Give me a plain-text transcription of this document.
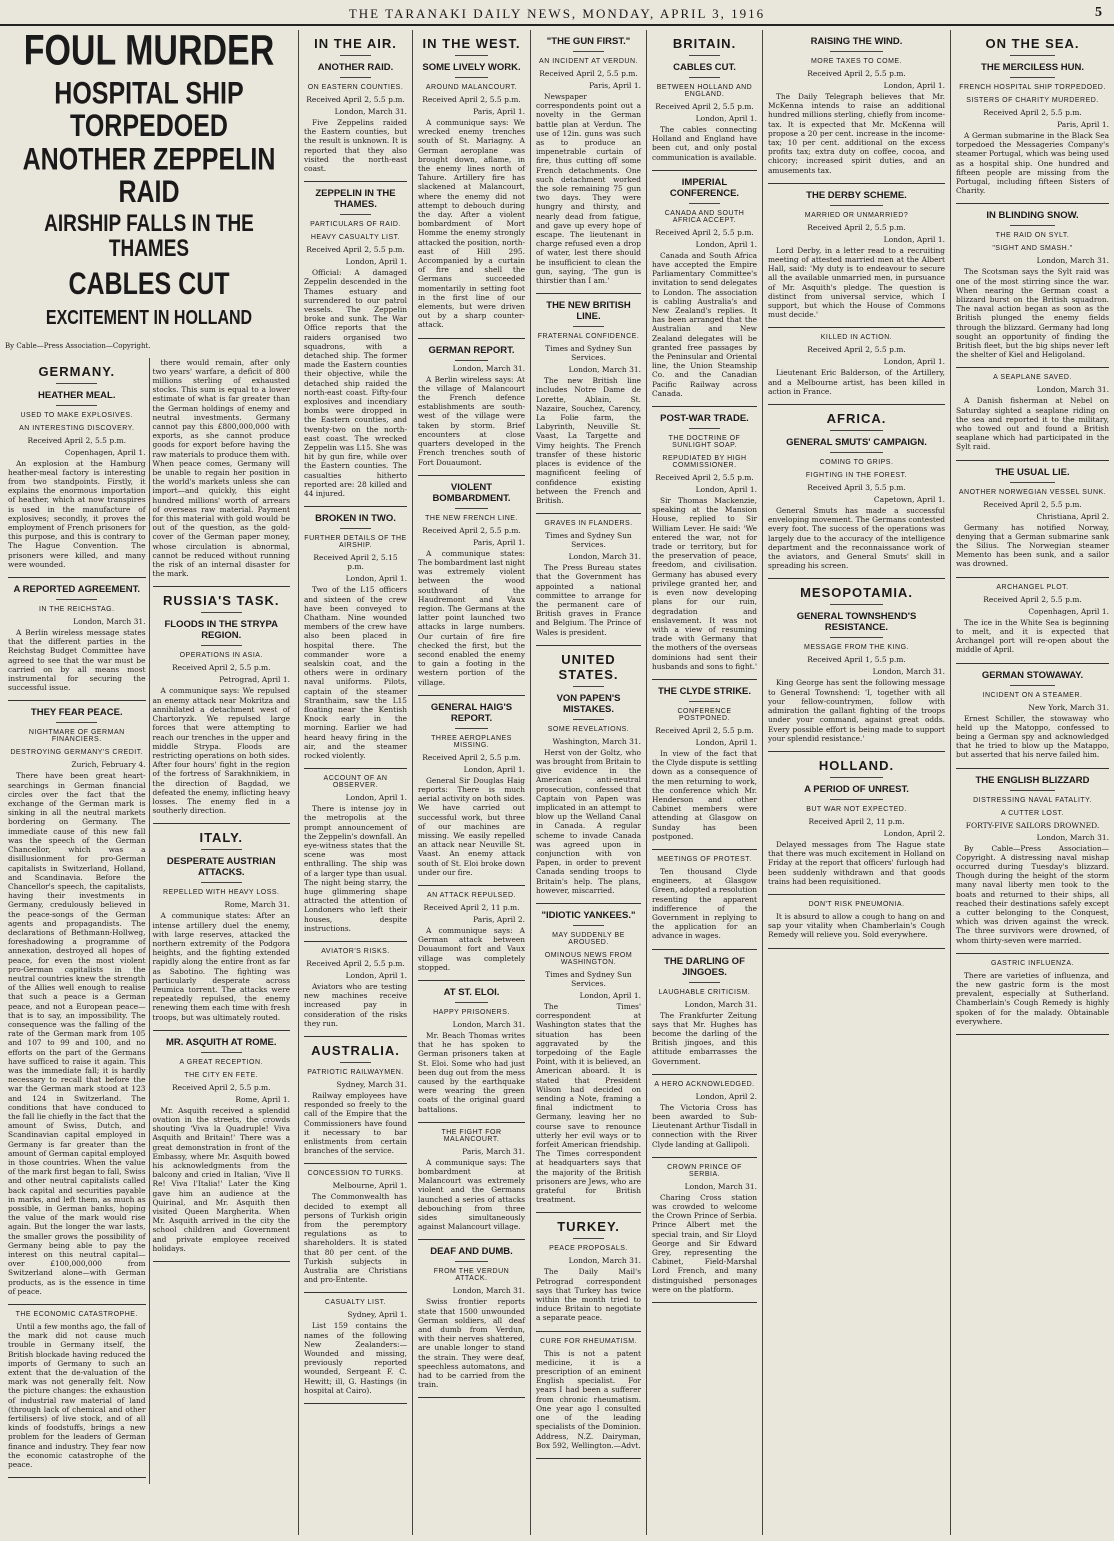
THE TARANAKI DAILY NEWS, MONDAY, APRIL 3, 1916	5
FOUL MURDER
HOSPITAL SHIP TORPEDOED
ANOTHER ZEPPELIN RAID
AIRSHIP FALLS IN THE THAMES
CABLES CUT
EXCITEMENT IN HOLLAND
By Cable—Press Association—Copyright.
GERMANY.
HEATHER MEAL.
USED TO MAKE EXPLOSIVES.
AN INTERESTING DISCOVERY.
Received April 2, 5.5 p.m.
Copenhagen, April 1.

An explosion at the Hamburg heather-meal factory is interesting from two standpoints. Firstly, it explains the enormous importation of heather, which at now transpires is used in the manufacture of explosives; secondly, it proves the employment of French prisoners for this purpose, and this is contrary to The Hague Convention. The prisoners were killed, and many were wounded.

A REPORTED AGREEMENT.
IN THE REICHSTAG.
London, March 31.

A Berlin wireless message states that the different parties in the Reichstag Budget Committee have agreed to see that the war must be carried on by all means most instrumental for securing the successful issue.

THEY FEAR PEACE.
NIGHTMARE OF GERMAN FINANCIERS.
DESTROYING GERMANY'S CREDIT.
Zurich, February 4.

There have been great heart-searchings in German financial circles over the fact that the exchange of the German mark is sinking in all the neutral markets bordering on Germany. The immediate cause of this new fall was the speech of the German Chancellor, which was a disillusionment for pro-German capitalists in Switzerland, Holland, and Scandinavia. Before the Chancellor's speech, the capitalists, having their investments in Germany, credulously believed in the peace-songs of the German agents and propagandists. The declarations of Bethmann-Hollweg, foreshadowing a programme of annexation, destroyed all hopes of peace, for even the most violent pro-German capitalists in the neutral countries knew the strength of the Allies well enough to realise that such a peace is a German peace, and not a European peace—that is to say, an impossibility. The consequence was the falling of the rate of the German mark from 105 and 107 to 99 and 100, and no efforts on the part of the Germans have sufficed to raise it again. This was the immediate fall; it is hardly necessary to recall that before the war the German mark stood at 123 and 124 in Switzerland. The conditions that have conduced to the fall lie chiefly in the fact that the amount of Swiss, Dutch, and Scandinavian capital employed in Germany is far greater than the amount of German capital employed in those countries. When the value of the mark first began to fall, Swiss and other neutral capitalists called back capital and securities payable in marks, and left them, as much as possible, in German banks, hoping the value of the mark would rise again. But the longer the war lasts, the smaller grows the possibility of Germany being able to pay the interest on this neutral capital—over £100,000,000 from Switzerland alone—with German products, as is the essence in time of peace.

THE ECONOMIC CATASTROPHE.

Until a few months ago, the fall of the mark did not cause much trouble in Germany itself, the British blockade having reduced the imports of Germany to such an extent that the de-valuation of the mark was not generally felt. Now the picture changes: the exhaustion of industrial raw material of land (through lack of chemical and other fertilisers) of live stock, and of all kinds of foodstuffs, brings a new problem for the leaders of German finance and industry. They fear now the economic catastrophe of the peace.

there would remain, after only two years' warfare, a deficit of 800 millions sterling of exhausted stocks. This sum is equal to a lower estimate of what is far greater than the German holdings of enemy and neutral investments. Germany cannot pay this £800,000,000 with exports, as she cannot produce goods for export before having the raw materials to produce them with. When peace comes, Germany will be unable to regain her position in the world's markets unless she can import—and quickly, this eight hundred millions' worth of arrears of overseas raw material. Payment for this material with gold would be out of the question, as the gold-cover of the German paper money, whose circulation is abnormal, cannot be reduced without running the risk of an internal disaster for the mark.

RUSSIA'S TASK.
FLOODS IN THE STRYPA REGION.
OPERATIONS IN ASIA.
Received April 2, 5.5 p.m.
Petrograd, April 1.

A communique says: We repulsed an enemy attack near Mokritza and annihilated a detachment west of Chartoryzk. We repulsed large forces that were attempting to reach our trenches in the upper and middle Strypa. Floods are restricting operations on both sides. After four hours' fight in the region of the fortress of Sarakhnikiem, in the direction of Bagdad, we defeated the enemy, inflicting heavy losses. The enemy fled in a southerly direction.

ITALY.
DESPERATE AUSTRIAN ATTACKS.
REPELLED WITH HEAVY LOSS.
Rome, March 31.

A communique states: After an intense artillery duel the enemy, with large reserves, attacked the northern extremity of the Podgora heights, and the fighting extended rapidly along the entire front as far as Sabotino. The fighting was particularly desperate across Peumica torrent. The attacks were repeatedly repulsed, the enemy renewing them each time with fresh troops, but was ultimately routed.

MR. ASQUITH AT ROME.
A GREAT RECEPTION.
THE CITY EN FETE.
Received April 2, 5.5 p.m.
Rome, April 1.

Mr. Asquith received a splendid ovation in the streets, the crowds shouting 'Viva la Quadruple! Viva Asquith and Britain!' There was a great demonstration in front of the Embassy, where Mr. Asquith bowed his acknowledgments from the balcony and cried in Italian, 'Vive Il Re! Viva l'Italia!' Later the King gave him an audience at the Quirinal, and Mr. Asquith then visited Queen Margherita. When Mr. Asquith arrived in the city the school children and Government and private employee received holidays.

IN THE AIR.
ANOTHER RAID.
ON EASTERN COUNTIES.
Received April 2, 5.5 p.m.
London, March 31.

Five Zeppelins raided the Eastern counties, but the result is unknown. It is reported that they also visited the north-east coast.

ZEPPELIN IN THE THAMES.
PARTICULARS OF RAID.
HEAVY CASUALTY LIST.
Received April 2, 5.5 p.m.
London, April 1.

Official: A damaged Zeppelin descended in the Thames estuary and surrendered to our patrol vessels. The Zeppelin broke and sunk. The War Office reports that the raiders organised two squadrons, with a detached ship. The former made the Eastern counties their objective, while the detached ship raided the north-east coast. Fifty-four explosives and incendiary bombs were dropped in the Eastern counties, and twenty-two on the north-east coast. The wrecked Zeppelin was L15. She was hit by gun fire, while over the Eastern counties. The casualties hitherto reported are: 28 killed and 44 injured.

BROKEN IN TWO.
FURTHER DETAILS OF THE AIRSHIP.
Received April 2, 5.15 p.m.
London, April 1.

Two of the L15 officers and sixteen of the crew have been conveyed to Chatham. Nine wounded members of the crew have also been placed in hospital there. The commander wore a sealskin coat, and the others were in ordinary naval uniforms. Pilots, captain of the steamer Stranthaim, saw the L15 floating near the Kentish Knock early in the morning. Earlier we had heard heavy firing in the air, and the steamer rocked violently.

ACCOUNT OF AN OBSERVER.
London, April 1.

There is intense joy in the metropolis at the prompt announcement of the Zeppelin's downfall. An eye-witness states that the scene was most enthralling. The ship was of a larger type than usual. The night being starry, the huge glimmering shape attracted the attention of Londoners who left their houses, despite instructions.

AVIATOR'S RISKS.
Received April 2, 5.5 p.m.
London, April 1.

Aviators who are testing new machines receive increased pay in consideration of the risks they run.

AUSTRALIA.
PATRIOTIC RAILWAYMEN.
Sydney, March 31.

Railway employees have responded so freely to the call of the Empire that the Commissioners have found it necessary to bar enlistments from certain branches of the service.

CONCESSION TO TURKS.
Melbourne, April 1.

The Commonwealth has decided to exempt all persons of Turkish origin from the peremptory regulations as to shareholders. It is stated that 80 per cent. of the Turkish subjects in Australia are Christians and pro-Entente.

CASUALTY LIST.
Sydney, April 1.

List 159 contains the names of the following New Zealanders:—Wounded and missing, previously reported wounded, Sergeant F. C. Hewitt; ill, G. Hastings (in hospital at Cairo).

IN THE WEST.
SOME LIVELY WORK.
AROUND MALANCOURT.
Received April 2, 5.5 p.m.
Paris, April 1.

A communique says: We wrecked enemy trenches south of St. Mariagny. A German aeroplane was brought down, aflame, in the enemy lines north of Tahure. Artillery fire has slackened at Malancourt, where the enemy did not attempt to debouch during the day. After a violent bombardment of Mort Homme the enemy strongly attacked the position, north-east of Hill 295. Accompanied by a curtain of fire and shell the Germans succeeded momentarily in setting foot in the first line of our elements, but were driven out by a sharp counter-attack.

GERMAN REPORT.
London, March 31.

A Berlin wireless says: At the village of Malancourt the French defence establishments are south-west of the village were taken by storm. Brief encounters at close quarters developed in the French trenches south of Fort Douaumont.

VIOLENT BOMBARDMENT.
THE NEW FRENCH LINE.
Received April 2, 5.5 p.m.
Paris, April 1.

A communique states: The bombardment last night was extremely violent between the wood southward of the Haudremont and Vaux region. The Germans at the latter point launched two attacks in large numbers. Our curtain of fire fire checked the first, but the second enabled the enemy to gain a footing in the western portion of the village.

GENERAL HAIG'S REPORT.
THREE AEROPLANES MISSING.
Received April 2, 5.5 p.m.
London, April 1.

General Sir Douglas Haig reports: There is much aerial activity on both sides. We have carried out successful work, but three of our machines are missing. We easily repelled an attack near Neuville St. Vaast. An enemy attack south of St. Eloi broke down under our fire.

AN ATTACK REPULSED.
Received April 2, 11 p.m.
Paris, April 2.

A communique says: A German attack between Douaumont fort and Vaux village was completely stopped.

AT ST. ELOI.
HAPPY PRISONERS.
London, March 31.

Mr. Beach Thomas writes that he has spoken to German prisoners taken at St. Eloi. Some who had just been dug out from the mess caused by the earthquake were wearing the green coats of the original guard battalions.

THE FIGHT FOR MALANCOURT.
Paris, March 31.

A communique says: The bombardment at Malancourt was extremely violent and the Germans launched a series of attacks debouching from three sides simultaneously against Malancourt village.

DEAF AND DUMB.
FROM THE VERDUN ATTACK.
London, March 31.

Swiss frontier reports state that 1500 unwounded German soldiers, all deaf and dumb from Verdun, with their nerves shattered, are unable longer to stand the strain. They were deaf, speechless automatons, and had to be carried from the train.

"THE GUN FIRST."
AN INCIDENT AT VERDUN.
Received April 2, 5.5 p.m.
Paris, April 1.

Newspaper correspondents point out a novelty in the German battle plan at Verdun. The use of 12in. guns was such as to produce an impenetrable curtain of fire, thus cutting off some French detachments. One such detachment worked the sole remaining 75 gun two days. They were hungry and thirsty, and nearly dead from fatigue, and gave up every hope of escape. The lieutenant in charge refused even a drop of water, lest there should be insufficient to clean the gun, saying, 'The gun is thirstier than I am.'

THE NEW BRITISH LINE.
FRATERNAL CONFIDENCE.
Times and Sydney Sun Services.
London, March 31.

The new British line includes Notre Dame de Lorette, Ablain, St. Nazaire, Souchez, Carency, La Folie farm, the Labyrinth, Neuville St. Vaast, La Targette and Vimy heights. The French transfer of these historic places is evidence of the magnificent feeling of confidence existing between the French and British.

GRAVES IN FLANDERS.
Times and Sydney Sun Services.
London, March 31.

The Press Bureau states that the Government has appointed a national committee to arrange for the permanent care of British graves in France and Belgium. The Prince of Wales is president.

UNITED STATES.
VON PAPEN'S MISTAKES.
SOME REVELATIONS.
Washington, March 31.

Herst von der Goltz, who was brought from Britain to give evidence in the American anti-neutral prosecution, confessed that Captain von Papen was implicated in an attempt to blow up the Welland Canal in Canada. A regular scheme to invade Canada was agreed upon in conjunction with von Papen, in order to prevent Canada sending troops to Britain's help. The plans, however, miscarried.

"IDIOTIC YANKEES."
MAY SUDDENLY BE AROUSED.
OMINOUS NEWS FROM WASHINGTON.
Times and Sydney Sun Services.
London, April 1.

The Times' correspondent at Washington states that the situation has been aggravated by the torpedoing of the Eagle Point, with it is believed, an American aboard. It is stated that President Wilson had decided on sending a Note, framing a final indictment to Germany, leaving her no course save to renounce utterly her evil ways or to forfeit American friendship. The Times correspondent at headquarters says that the majority of the British prisoners are Jews, who are grateful for British treatment.

TURKEY.
PEACE PROPOSALS.
London, March 31.

The Daily Mail's Petrograd correspondent says that Turkey has twice within the month tried to induce Britain to negotiate a separate peace.

CURE FOR RHEUMATISM.

This is not a patent medicine, it is a prescription of an eminent English specialist. For years I had been a sufferer from chronic rheumatism. One year ago I consulted one of the leading specialists of the Dominion. Address, N.Z. Dairyman, Box 592, Wellington.—Advt.

BRITAIN.
CABLES CUT.
BETWEEN HOLLAND AND ENGLAND.
Received April 2, 5.5 p.m.
London, April 1.

The cables connecting Holland and England have been cut, and only postal communication is available.

IMPERIAL CONFERENCE.
CANADA AND SOUTH AFRICA ACCEPT.
Received April 2, 5.5 p.m.
London, April 1.

Canada and South Africa have accepted the Empire Parliamentary Committee's invitation to send delegates to London. The association is cabling Australia's and New Zealand's replies. It has been arranged that the Australian and New Zealand delegates will be granted free passages by the Peninsular and Oriental line, the Union Steamship Co. and the Canadian Pacific Railway across Canada.

POST-WAR TRADE.
THE DOCTRINE OF SUNLIGHT SOAP.
REPUDIATED BY HIGH COMMISSIONER.
Received April 2, 5.5 p.m.
London, April 1.

Sir Thomas Mackenzie, speaking at the Mansion House, replied to Sir William Lever. He said: 'We entered the war, not for trade or territory, but for the preservation of peace, freedom, and civilisation. Germany has abused every privilege granted her, and is even now developing plans for our ruin, degradation and enslavement. It was not with a view of resuming trade with Germany that the mothers of the overseas dominions had sent their husbands and sons to fight.'

THE CLYDE STRIKE.
CONFERENCE POSTPONED.
Received April 2, 5.5 p.m.
London, April 1.

In view of the fact that the Clyde dispute is settling down as a consequence of the men returning to work, the conference which Mr. Henderson and other Cabinet members were attending at Glasgow on Sunday has been postponed.

MEETINGS OF PROTEST.

Ten thousand Clyde engineers, at Glasgow Green, adopted a resolution resenting the apparent indifference of the Government in replying to the application for an advance in wages.

THE DARLING OF JINGOES.
LAUGHABLE CRITICISM.
London, March 31.

The Frankfurter Zeitung says that Mr. Hughes has become the darling of the British jingoes, and this attitude embarrasses the Government.

A HERO ACKNOWLEDGED.
London, April 2.

The Victoria Cross has been awarded to Sub-Lieutenant Arthur Tisdall in connection with the River Clyde landing at Gallipoli.

CROWN PRINCE OF SERBIA.
London, March 31.

Charing Cross station was crowded to welcome the Crown Prince of Serbia. Prince Albert met the special train, and Sir Lloyd George and Sir Edward Grey, representing the Cabinet, Field-Marshal Lord French, and many distinguished personages were on the platform.

RAISING THE WIND.
MORE TAXES TO COME.
Received April 2, 5.5 p.m.
London, April 1.

The Daily Telegraph believes that Mr. McKenna intends to raise an additional hundred millions sterling, chiefly from income-tax. It is expected that Mr. McKenna will propose a 20 per cent. increase in the income-tax; 10 per cent. additional on the excess profits tax; extra duty on coffee, cocoa, and chicory; increased spirit duties, and an amusements tax.

THE DERBY SCHEME.
MARRIED OR UNMARRIED?
Received April 2, 5.5 p.m.
London, April 1.

Lord Derby, in a letter read to a recruiting meeting of attested married men at the Albert Hall, said: 'My duty is to endeavour to secure all the available unmarried men, in pursuance of Mr. Asquith's pledge. The question is distinct from universal service, which I support, but which the House of Commons must decide.'

KILLED IN ACTION.
Received April 2, 5.5 p.m.
London, April 1.

Lieutenant Eric Balderson, of the Artillery, and a Melbourne artist, has been killed in action in France.

AFRICA.
GENERAL SMUTS' CAMPAIGN.
COMING TO GRIPS.
FIGHTING IN THE FOREST.
Received April 3, 5.5 p.m.
Capetown, April 1.

General Smuts has made a successful enveloping movement. The Germans contested every foot. The success of the operations was largely due to the accuracy of the intelligence department and the reconnaissance work of the aviators, and General Smuts' skill in spreading his screen.

MESOPOTAMIA.
GENERAL TOWNSHEND'S RESISTANCE.
MESSAGE FROM THE KING.
Received April 1, 5.5 p.m.
London, March 31.

King George has sent the following message to General Townshend: 'I, together with all your fellow-countrymen, follow with admiration the gallant fighting of the troops under your command, against great odds. Every possible effort is being made to support your splendid resistance.'

HOLLAND.
A PERIOD OF UNREST.
BUT WAR NOT EXPECTED.
Received April 2, 11 p.m.
London, April 2.

Delayed messages from The Hague state that there was much excitement in Holland on Friday at the report that officers' furlough had been suddenly withdrawn and that goods trains had been requisitioned.

DON'T RISK PNEUMONIA.

It is absurd to allow a cough to hang on and sap your vitality when Chamberlain's Cough Remedy will relieve you. Sold everywhere.

ON THE SEA.
THE MERCILESS HUN.
FRENCH HOSPITAL SHIP TORPEDOED.
SISTERS OF CHARITY MURDERED.
Received April 2, 5.5 p.m.
Paris, April 1.

A German submarine in the Black Sea torpedoed the Messageries Company's steamer Portugal, which was being used as a hospital ship. One hundred and fifteen people are missing from the Portugal, including fifteen Sisters of Charity.

IN BLINDING SNOW.
THE RAID ON SYLT.
"SIGHT AND SMASH."
London, March 31.

The Scotsman says the Sylt raid was one of the most stirring since the war. When nearing the German coast a blizzard burst on the British squadron. The naval action began as soon as the British plunged the enemy fields through the blizzard. Germany had long sought an opportunity of finding the British fleet, but the big ships never left the shelter of Kiel and Heligoland.

A SEAPLANE SAVED.
London, March 31.

A Danish fisherman at Nebel on Saturday sighted a seaplane riding on the sea and reported it to the military, who towed out and found a British seaplane which had participated in the Sylt raid.

THE USUAL LIE.
ANOTHER NORWEGIAN VESSEL SUNK.
Received April 2, 5.5 p.m.
Christiana, April 2.

Germany has notified Norway, denying that a German submarine sank the Silius. The Norwegian steamer Memento has been sunk, and a sailor was drowned.

ARCHANGEL PLOT.
Received April 2, 5.5 p.m.
Copenhagen, April 1.

The ice in the White Sea is beginning to melt, and it is expected that Archangel port will re-open about the middle of April.

GERMAN STOWAWAY.
INCIDENT ON A STEAMER.
New York, March 31.

Ernest Schiller, the stowaway who held up the Matoppo, confessed to being a German spy and acknowledged that he tried to blow up the Matappo, but asserted that his nerve failed him.

THE ENGLISH BLIZZARD
DISTRESSING NAVAL FATALITY.
A CUTTER LOST.
FORTY-FIVE SAILORS DROWNED.
London, March 31.

By Cable—Press Association—Copyright. A distressing naval mishap occurred during Tuesday's blizzard. Though during the height of the storm many naval liberty men took to the boats and returned to their ships, all reached their destinations safely except a cutter belonging to the Conquest, which was driven against the wreck. The three survivors were drowned, of whom thirty-seven were married.

GASTRIC INFLUENZA.

There are varieties of influenza, and the new gastric form is the most prevalent, especially at Sutherland. Chamberlain's Cough Remedy is highly spoken of for the malady. Obtainable everywhere.
